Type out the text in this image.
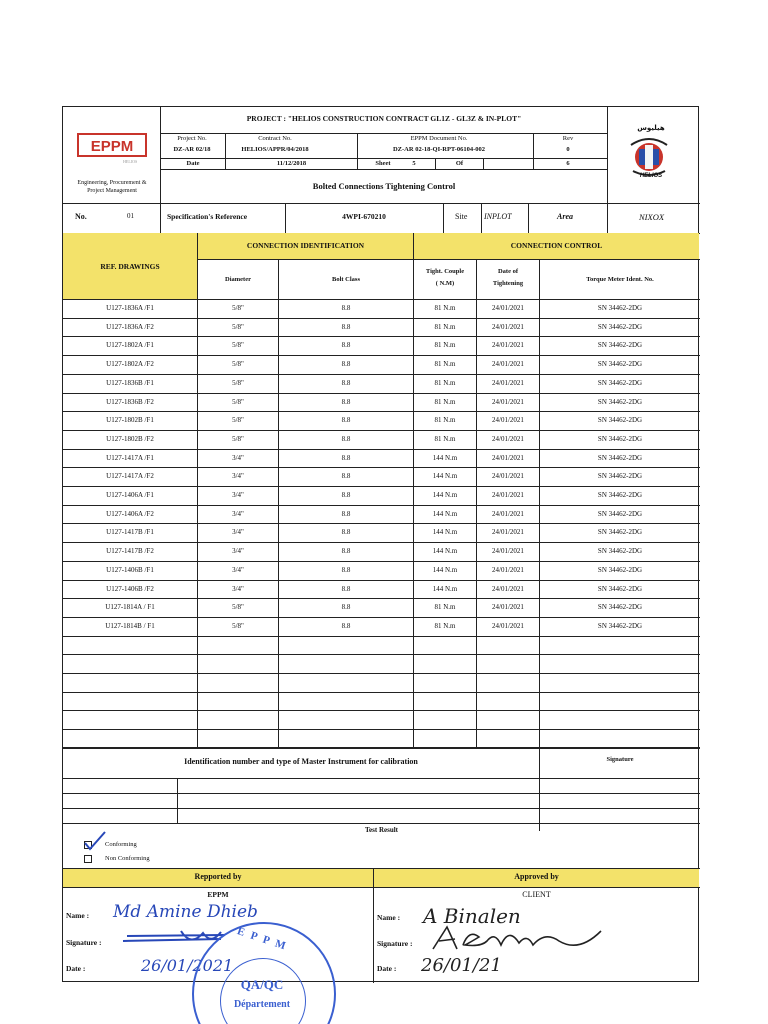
EPPM
HELIOS
Engineering, Procurement &
Project Management
PROJECT : "HELIOS CONSTRUCTION CONTRACT GL1Z - GL3Z & IN-PLOT"
Project No.
DZ-AR 02/18
Contract No.
HELIOS/APPR/04/2018
EPPM Document No.
DZ-AR 02-18-QI-RPT-06104-002
Rev
0
Date	11/12/2018	Sheet	5	Of	6
Bolted Connections Tightening Control
HELIOS
هيليوس
No.	01	Specification's Reference	4WPI-670210	Site INPLOT	Area	NIXOX
REF. DRAWINGS
CONNECTION IDENTIFICATION	CONNECTION CONTROL
Diameter	Bolt Class
Tight. Couple
( N.M)
Date of
Tightening
Torque Meter Ident. No.
U127-1836A /F1	5/8"	8.8	81 N.m	24/01/2021	SN 34462-2DG
U127-1836A /F2	5/8"	8.8	81 N.m	24/01/2021	SN 34462-2DG
U127-1802A /F1	5/8"	8.8	81 N.m	24/01/2021	SN 34462-2DG
U127-1802A /F2	5/8"	8.8	81 N.m	24/01/2021	SN 34462-2DG
U127-1836B /F1	5/8"	8.8	81 N.m	24/01/2021	SN 34462-2DG
U127-1836B /F2	5/8"	8.8	81 N.m	24/01/2021	SN 34462-2DG
U127-1802B /F1	5/8"	8.8	81 N.m	24/01/2021	SN 34462-2DG
U127-1802B /F2	5/8"	8.8	81 N.m	24/01/2021	SN 34462-2DG
U127-1417A /F1	3/4"	8.8	144 N.m	24/01/2021	SN 34462-2DG
U127-1417A /F2	3/4"	8.8	144 N.m	24/01/2021	SN 34462-2DG
U127-1406A /F1	3/4"	8.8	144 N.m	24/01/2021	SN 34462-2DG
U127-1406A /F2	3/4"	8.8	144 N.m	24/01/2021	SN 34462-2DG
U127-1417B /F1	3/4"	8.8	144 N.m	24/01/2021	SN 34462-2DG
U127-1417B /F2	3/4"	8.8	144 N.m	24/01/2021	SN 34462-2DG
U127-1406B /F1	3/4"	8.8	144 N.m	24/01/2021	SN 34462-2DG
U127-1406B /F2	3/4"	8.8	144 N.m	24/01/2021	SN 34462-2DG
U127-1814A / F1	5/8"	8.8	81 N.m	24/01/2021	SN 34462-2DG
U127-1814B / F1	5/8"	8.8	81 N.m	24/01/2021	SN 34462-2DG
Identification number and type of Master Instrument for calibration	Signature
Test Result
Conforming
Non Conforming
Repported by	Approved by
EPPM
Name : Md Amine Dhieb
Signature :
Date :	26/01/2021
CLIENT
Name : A Binalen
Signature :
Date : 26/01/21
E P P M
QA/QC
Département
